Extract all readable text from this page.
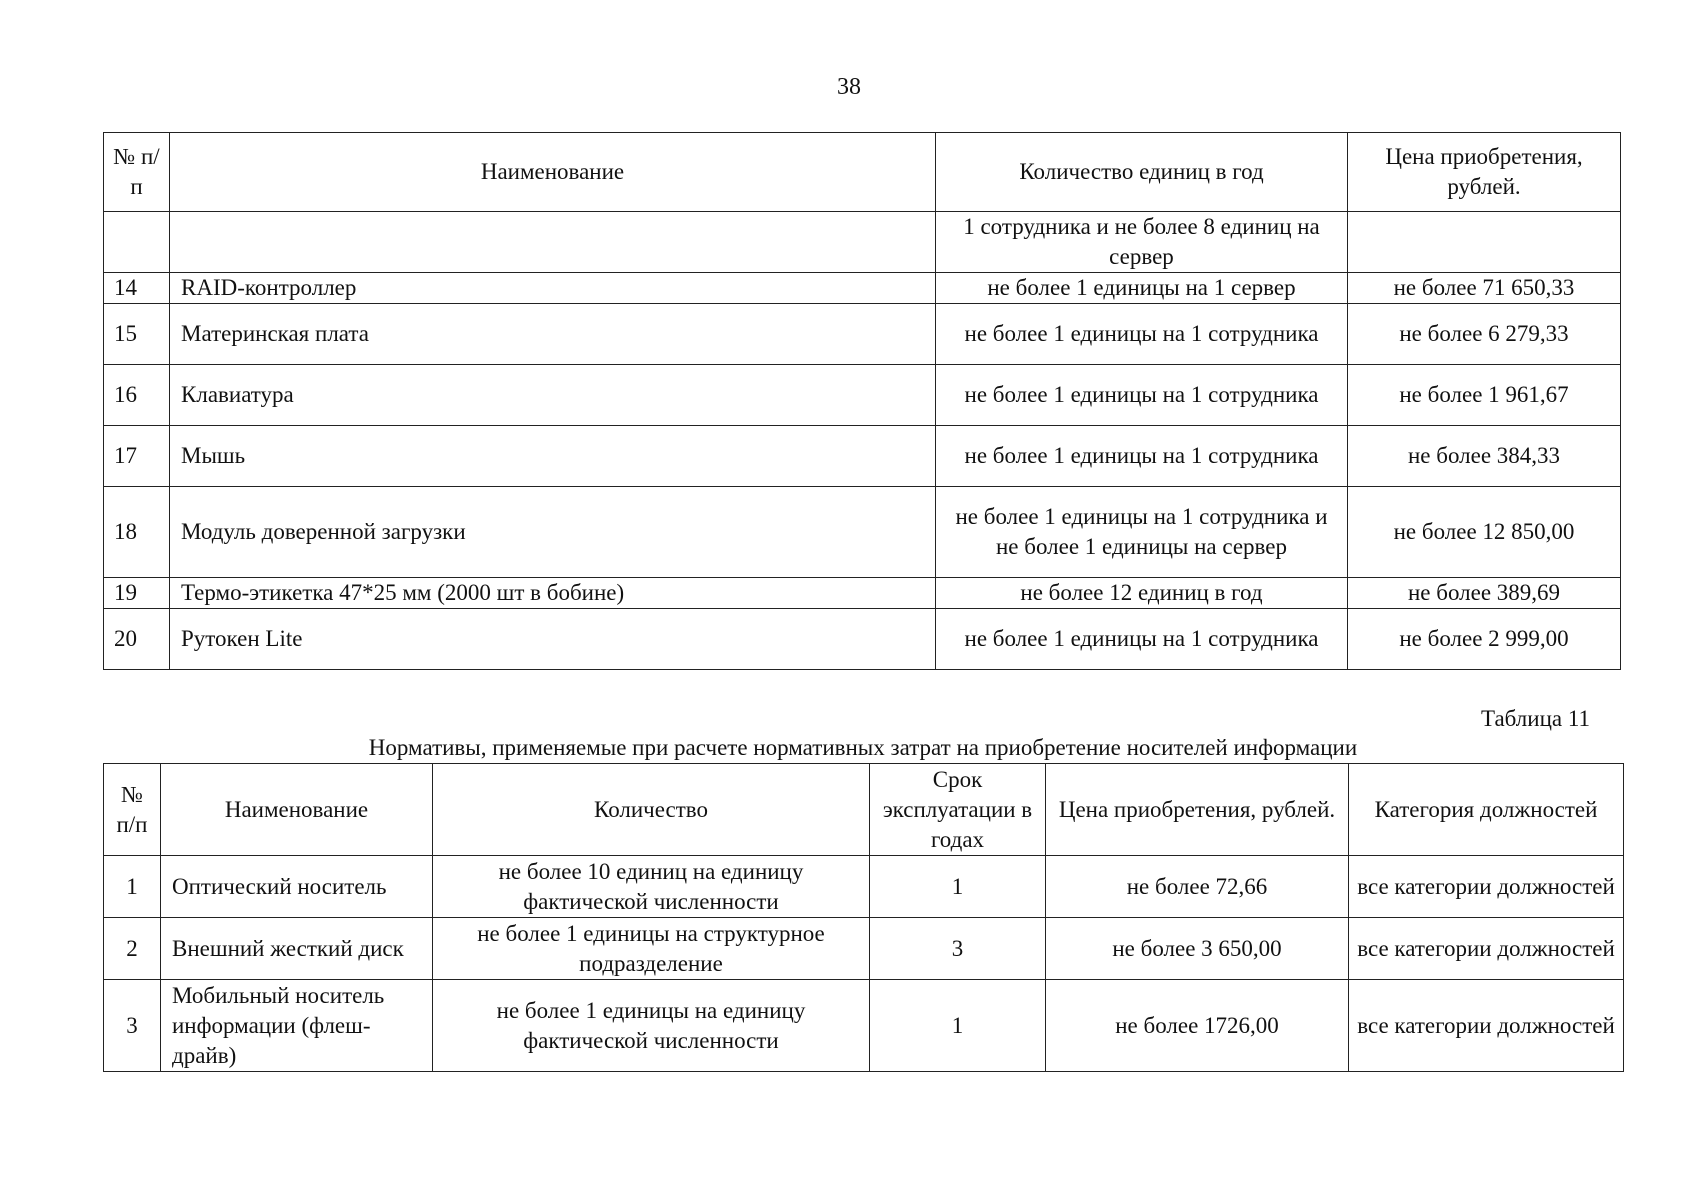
38
№ п/п	Наименование	Количество единиц в год	Цена приобретения, рублей.
		1 сотрудника и не более 8 единиц на сервер	
14	RAID-контроллер	не более 1 единицы на 1 сервер	не более 71 650,33
15	Материнская плата	не более 1 единицы на 1 сотрудника	не более 6 279,33
16	Клавиатура	не более 1 единицы на 1 сотрудника	не более 1 961,67
17	Мышь	не более 1 единицы на 1 сотрудника	не более 384,33
18	Модуль доверенной загрузки	не более 1 единицы на 1 сотрудника и не более 1 единицы на сервер	не более 12 850,00
19	Термо-этикетка 47*25 мм (2000 шт в бобине)	не более 12 единиц в год	не более 389,69
20	Рутокен Lite	не более 1 единицы на 1 сотрудника	не более 2 999,00
Таблица 11
Нормативы, применяемые при расчете нормативных затрат на приобретение носителей информации
№ п/п	Наименование	Количество	Срок эксплуатации в годах	Цена приобретения, рублей.	Категория должностей
1	Оптический носитель	не более 10 единиц на единицу фактической численности	1	не более 72,66	все категории должностей
2	Внешний жесткий диск	не более 1 единицы на структурное подразделение	3	не более 3 650,00	все категории должностей
3	Мобильный носитель информации (флеш-драйв)	не более 1 единицы на единицу фактической численности	1	не более 1726,00	все категории должностей
